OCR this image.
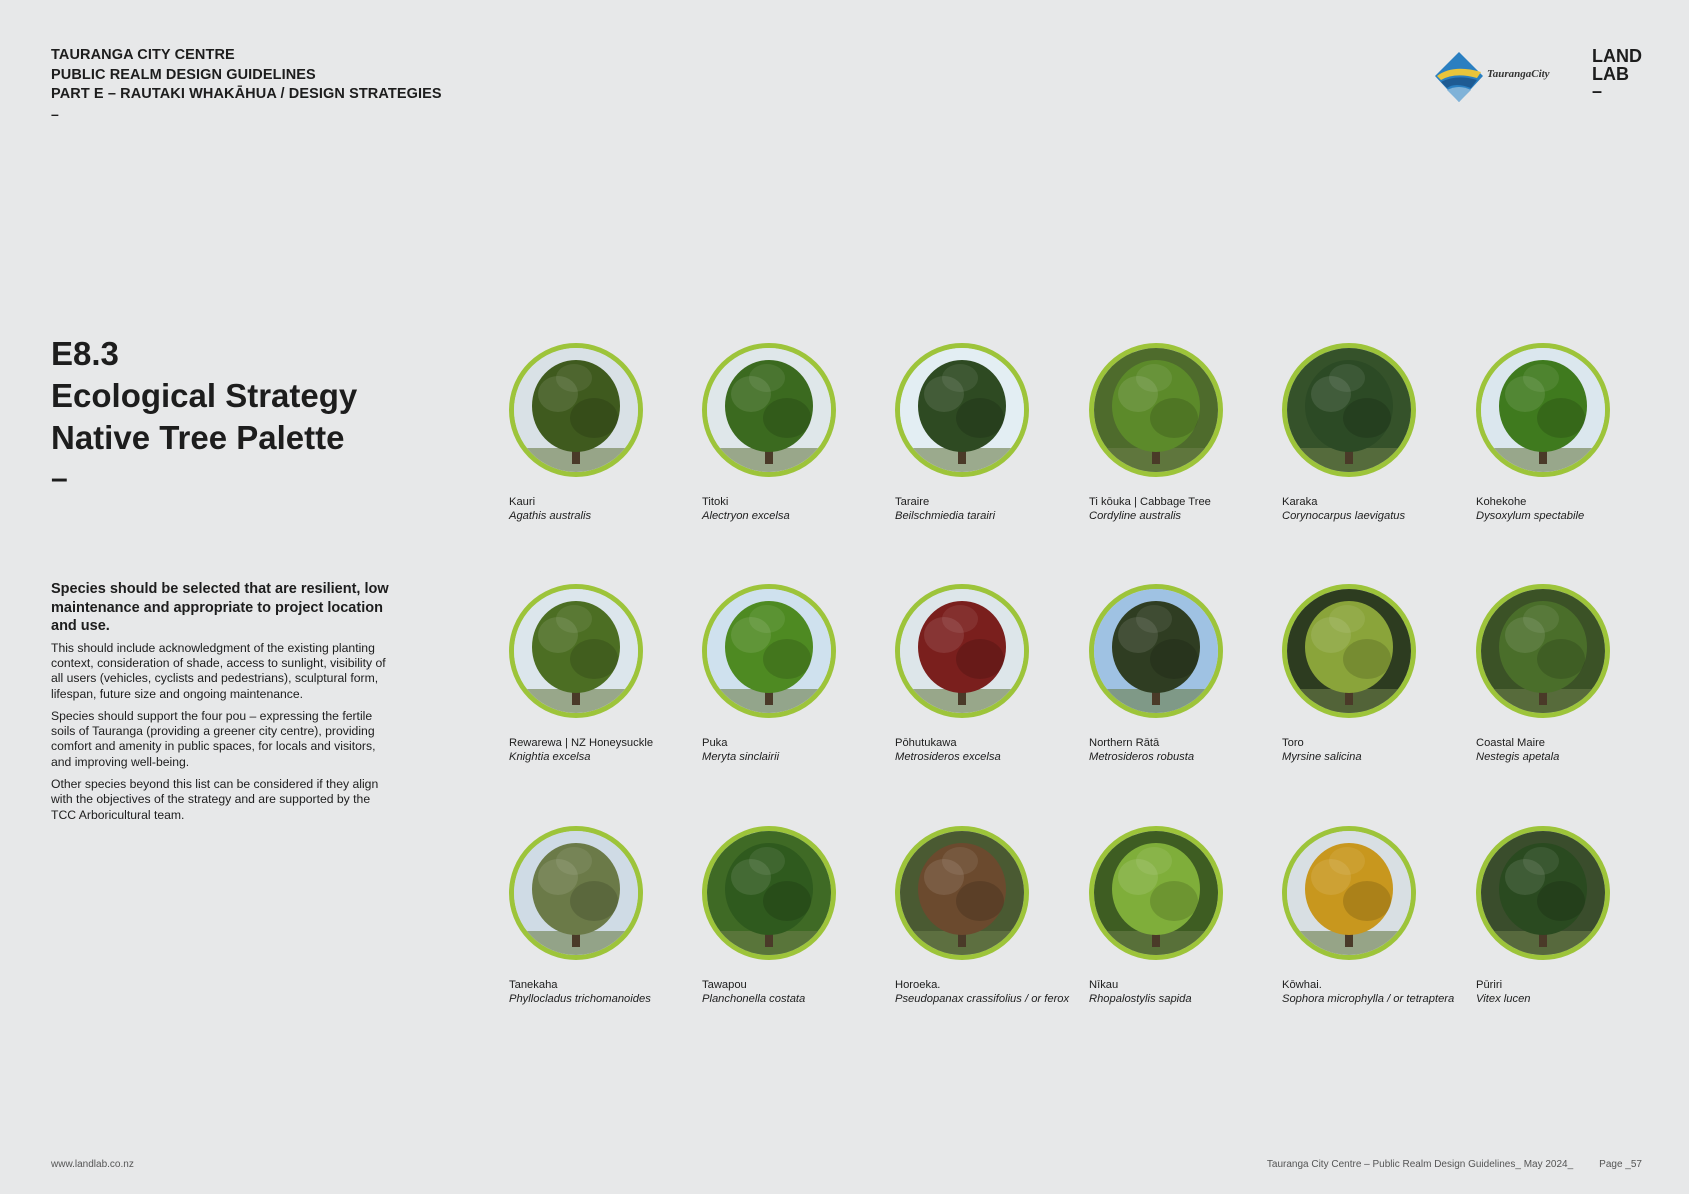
TAURANGA CITY CENTRE
PUBLIC REALM DESIGN GUIDELINES
PART E – RAUTAKI WHAKĀHUA / DESIGN STRATEGIES
–
TaurangaCity
LAND
LAB
–
E8.3
Ecological Strategy
Native Tree Palette
–

Species should be selected that are resilient, low maintenance and appropriate to project location and use.

This should include acknowledgment of the existing planting context, consideration of shade, access to sunlight, visibility of all users (vehicles, cyclists and pedestrians), sculptural form, lifespan, future size and ongoing maintenance.

Species should support the four pou – expressing the fertile soils of Tauranga (providing a greener city centre), providing comfort and amenity in public spaces, for locals and visitors, and improving well-being.

Other species beyond this list can be considered if they align with the objectives of the strategy and are supported by the TCC Arboricultural team.

Kauri
Agathis australis
Titoki
Alectryon excelsa
Taraire
Beilschmiedia tarairi
Ti kōuka | Cabbage Tree
Cordyline australis
Karaka
Corynocarpus laevigatus
Kohekohe
Dysoxylum spectabile
Rewarewa | NZ Honeysuckle
Knightia excelsa
Puka
Meryta sinclairii
Pōhutukawa
Metrosideros excelsa
Northern Rātā
Metrosideros robusta
Toro
Myrsine salicina
Coastal Maire
Nestegis apetala
Tanekaha
Phyllocladus trichomanoides
Tawapou
Planchonella costata
Horoeka.
Pseudopanax crassifolius / or ferox
Nīkau
Rhopalostylis sapida
Kōwhai.
Sophora microphylla / or tetraptera
Pūriri
Vitex lucen
www.landlab.co.nz	Tauranga City Centre – Public Realm Design Guidelines_ May 2024_	Page _57
